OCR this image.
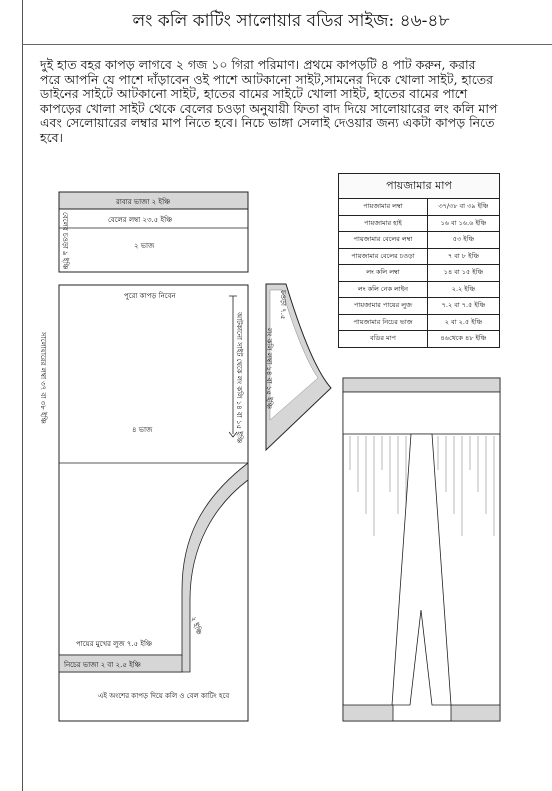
লং কলি কাটিং সালোয়ার বডির সাইজ: ৪৬-৪৮
দুই হাত বহর কাপড় লাগবে ২ গজ ১০ গিরা পরিমাণ। প্রথমে কাপড়টি ৪ পাট করুন, করার
পরে আপনি যে পাশে দাঁড়াবেন ওই পাশে আটকানো সাইট,সামনের দিকে খোলা সাইট, হাতের
ডাইনের সাইটে আটকানো সাইট, হাতের বামের সাইটে খোলা সাইট, হাতের বামের পাশে
কাপড়ের খোলা সাইট থেকে বেলের চওড়া অনুযায়ী ফিতা বাদ দিয়ে সালোয়ারের লং কলি মাপ
এবং সেলোয়ারের লম্বার মাপ নিতে হবে। নিচে ভাঙ্গা সেলাই দেওয়ার জন্য একটা কাপড় নিতে
হবে।
রাবার ভাজা ২ ইঞ্চি
বেলের লম্বা ২৩.৫ ইঞ্চি
২ ভাজ
বেলের চওড়া ৯ ইঞ্চি
পুরো কাপড় নিবেন
৪ ভাজ
সালোয়ারের লম্বা ৩৭ বা ৩৮ ইঞ্চি	আটকানো সাইট থেকে লং কলি ১৪ বা ১৫ ইঞ্চি
পায়ের মুখের লুজ ৭.৫ ইঞ্চি
নিচের ভাজা ২ বা ২.৫ ইঞ্চি
২ ইঞ্চি
এই অংশের কাপড় দিয়ে কলি ও বেল কাটিং হবে
চওড়া ৭.৫
লং কলি লম্বা ১৪ বা ১৫ ইঞ্চি
পায়জামার মাপ	
পায়জামার লম্বা	৩৭/৩৮ বা ৩৯ ইঞ্চি
পায়জামার হাই	১৬ বা ১৬.৬ ইঞ্চি
পায়জামার বেলের লম্বা	৫৩ ইঞ্চি
পায়জামার বেলের চওড়া	৭ বা ৮ ইঞ্চি
লং কলি লম্বা	১৪ বা ১৫ ইঞ্চি
লং কলি নেক লাইন	২.২ ইঞ্চি
পায়জামার পায়ের লুজ	৭.২ বা ৭.৫ ইঞ্চি
পায়জামার নিচের ভাজ	২ বা ২.৫ ইঞ্চি
বডির মাপ	৪৬থেকে ৪৮ ইঞ্চি
